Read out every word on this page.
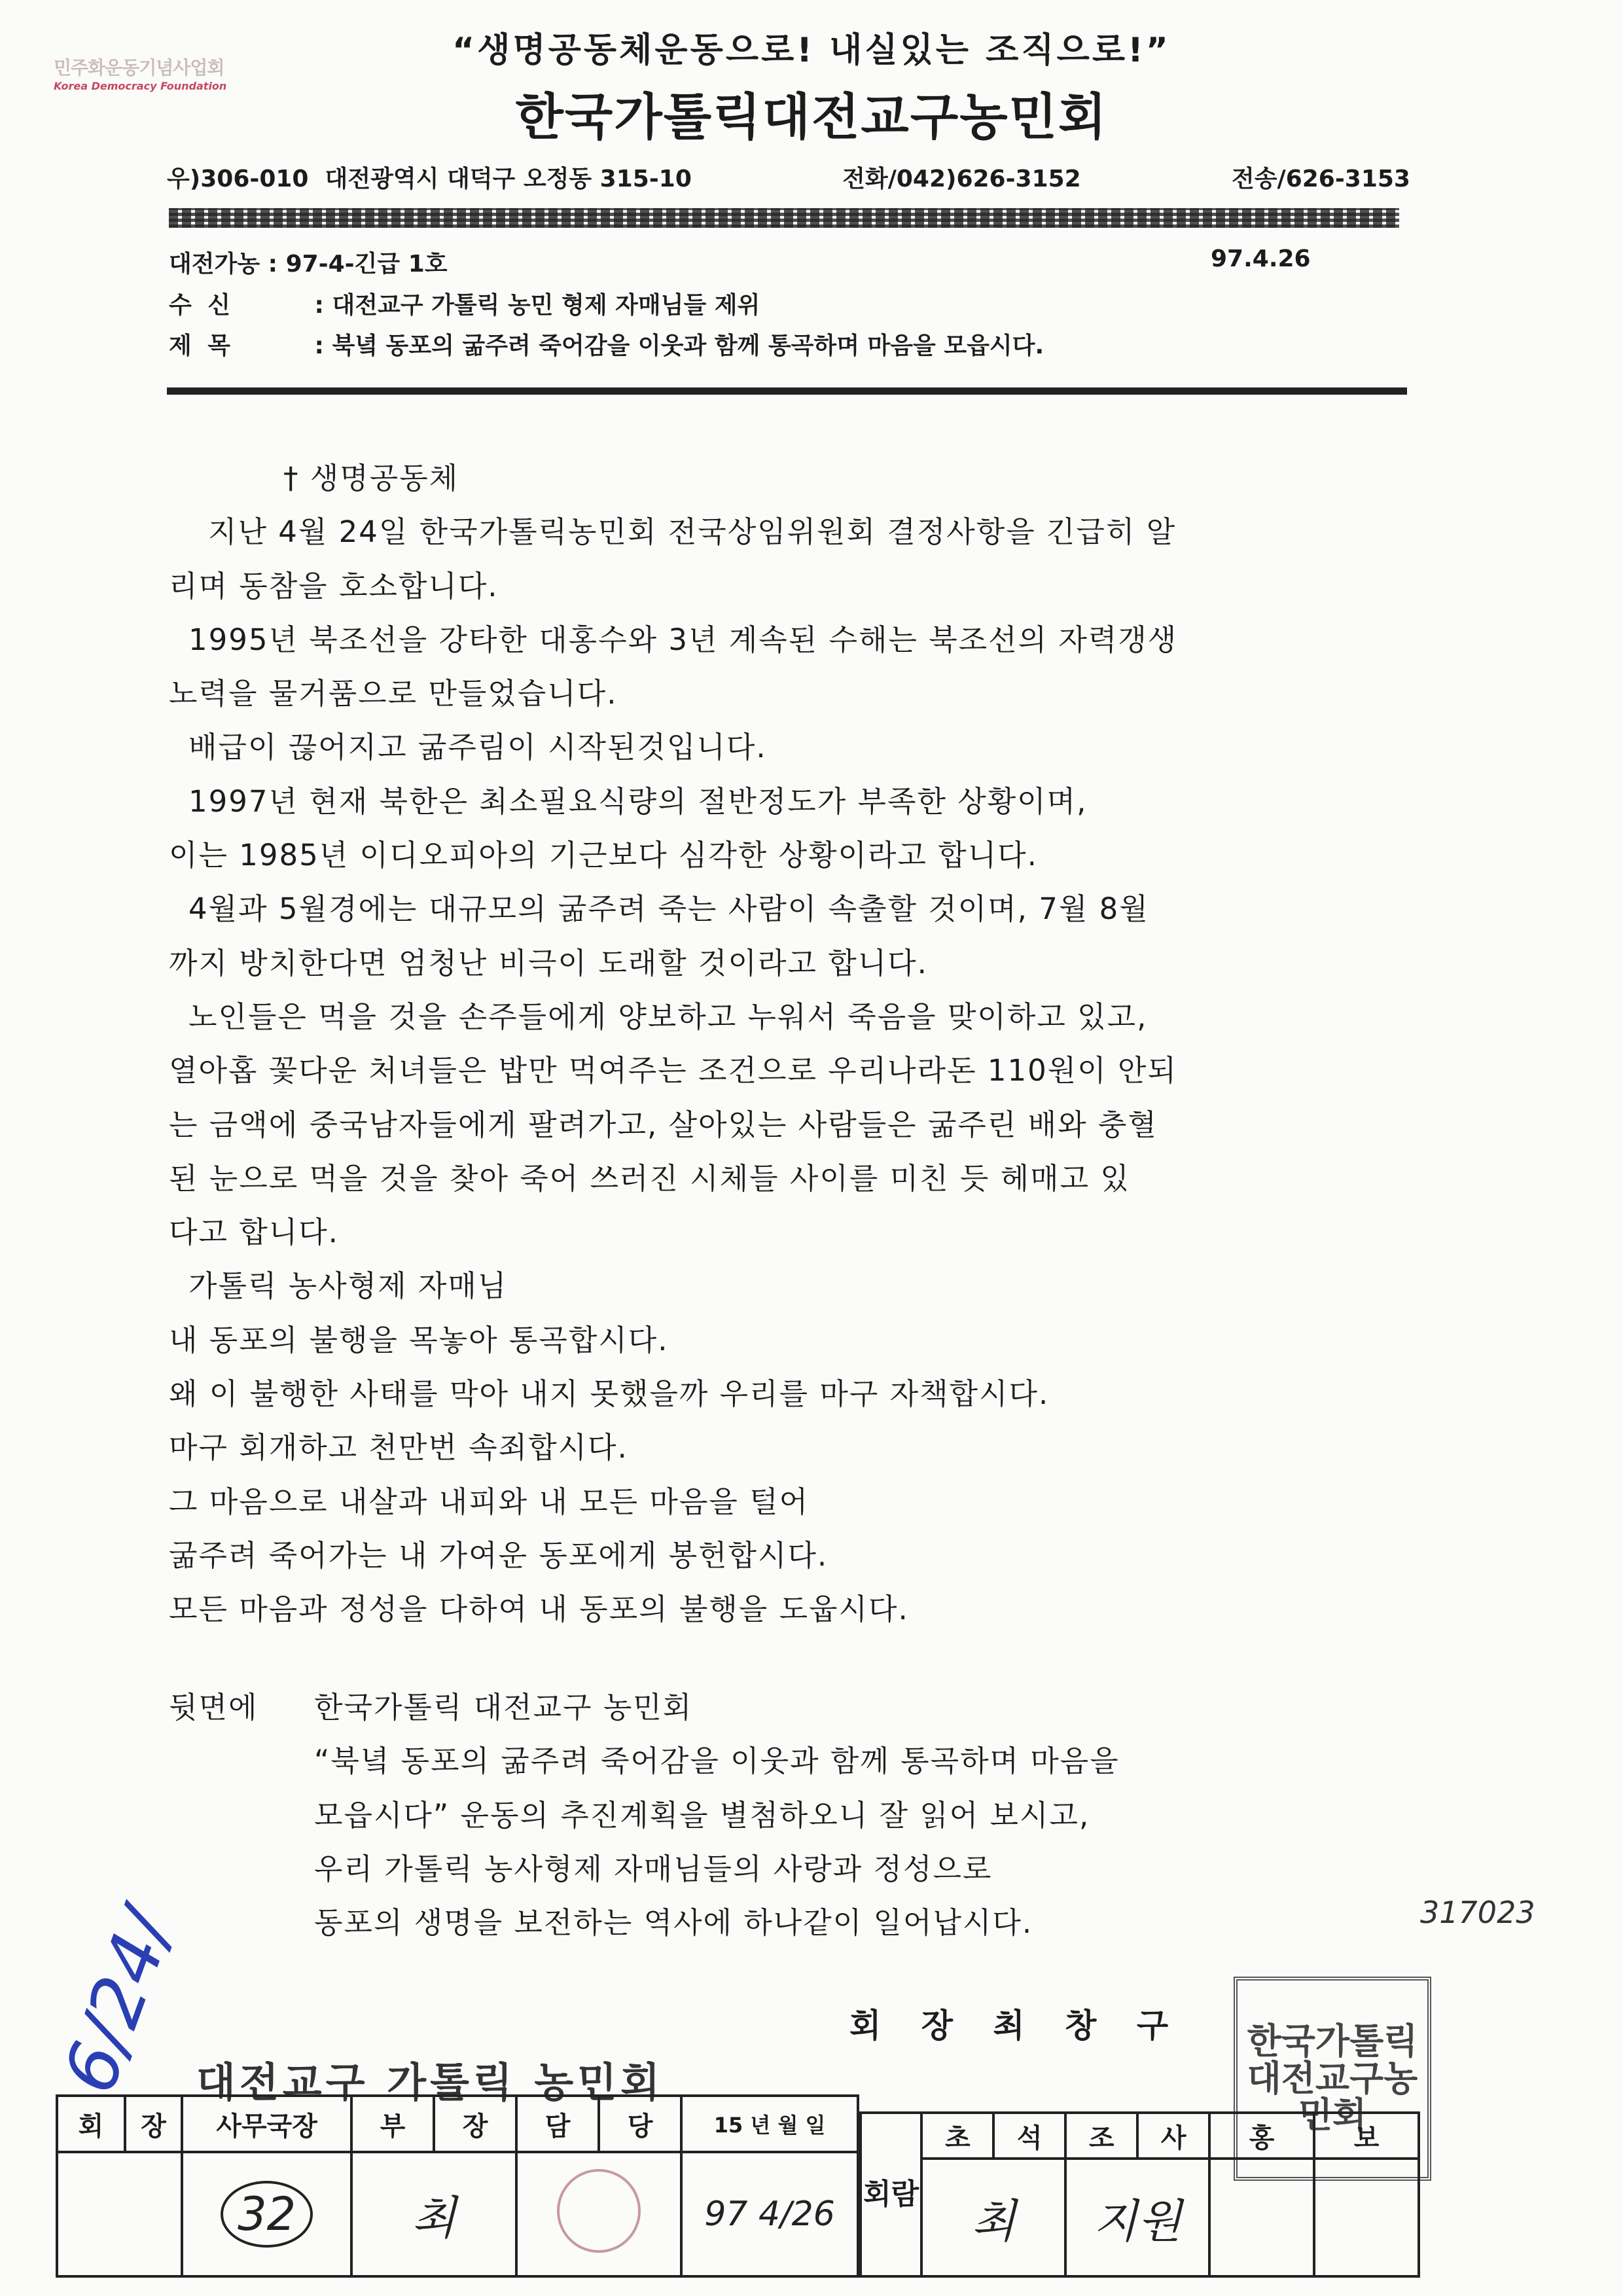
민주화운동기념사업회
Korea Democracy Foundation
“생명공동체운동으로! 내실있는 조직으로!”
한국가톨릭대전교구농민회
우)306-010 대전광역시 대덕구 오정동 315-10	전화/042)626-3152	전송/626-3153
대전가농 : 97-4-긴급 1호	97.4.26
수 신	: 대전교구 가톨릭 농민 형제 자매님들 제위
제 목	: 북녘 동포의 굶주려 죽어감을 이웃과 함께 통곡하며 마음을 모읍시다.

† 생명공동체

지난 4월 24일 한국가톨릭농민회 전국상임위원회 결정사항을 긴급히 알

리며 동참을 호소합니다.

1995년 북조선을 강타한 대홍수와 3년 계속된 수해는 북조선의 자력갱생

노력을 물거품으로 만들었습니다.

배급이 끊어지고 굶주림이 시작된것입니다.

1997년 현재 북한은 최소필요식량의 절반정도가 부족한 상황이며,

이는 1985년 이디오피아의 기근보다 심각한 상황이라고 합니다.

4월과 5월경에는 대규모의 굶주려 죽는 사람이 속출할 것이며, 7월 8월

까지 방치한다면 엄청난 비극이 도래할 것이라고 합니다.

노인들은 먹을 것을 손주들에게 양보하고 누워서 죽음을 맞이하고 있고,

열아홉 꽃다운 처녀들은 밥만 먹여주는 조건으로 우리나라돈 110원이 안되

는 금액에 중국남자들에게 팔려가고, 살아있는 사람들은 굶주린 배와 충혈

된 눈으로 먹을 것을 찾아 죽어 쓰러진 시체들 사이를 미친 듯 헤매고 있

다고 합니다.

가톨릭 농사형제 자매님

내 동포의 불행을 목놓아 통곡합시다.

왜 이 불행한 사태를 막아 내지 못했을까 우리를 마구 자책합시다.

마구 회개하고 천만번 속죄합시다.

그 마음으로 내살과 내피와 내 모든 마음을 털어

굶주려 죽어가는 내 가여운 동포에게 봉헌합시다.

모든 마음과 정성을 다하여 내 동포의 불행을 도웁시다.

뒷면에	한국가톨릭 대전교구 농민회
“북녘 동포의 굶주려 죽어감을 이웃과 함께 통곡하며 마음을
모읍시다” 운동의 추진계획을 별첨하오니 잘 읽어 보시고,
우리 가톨릭 농사형제 자매님들의 사랑과 정성으로
동포의 생명을 보전하는 역사에 하나같이 일어납시다.	317023
회 장 최 창 구
대전교구 가톨릭 농민회
한국가톨릭대전교구농민회
회	장	사무국장	부	장	담	당	15 년 월 일
		32	최				97 4/26
6/24/
회람	초	석	조	사	홍	보
	최		지원			
